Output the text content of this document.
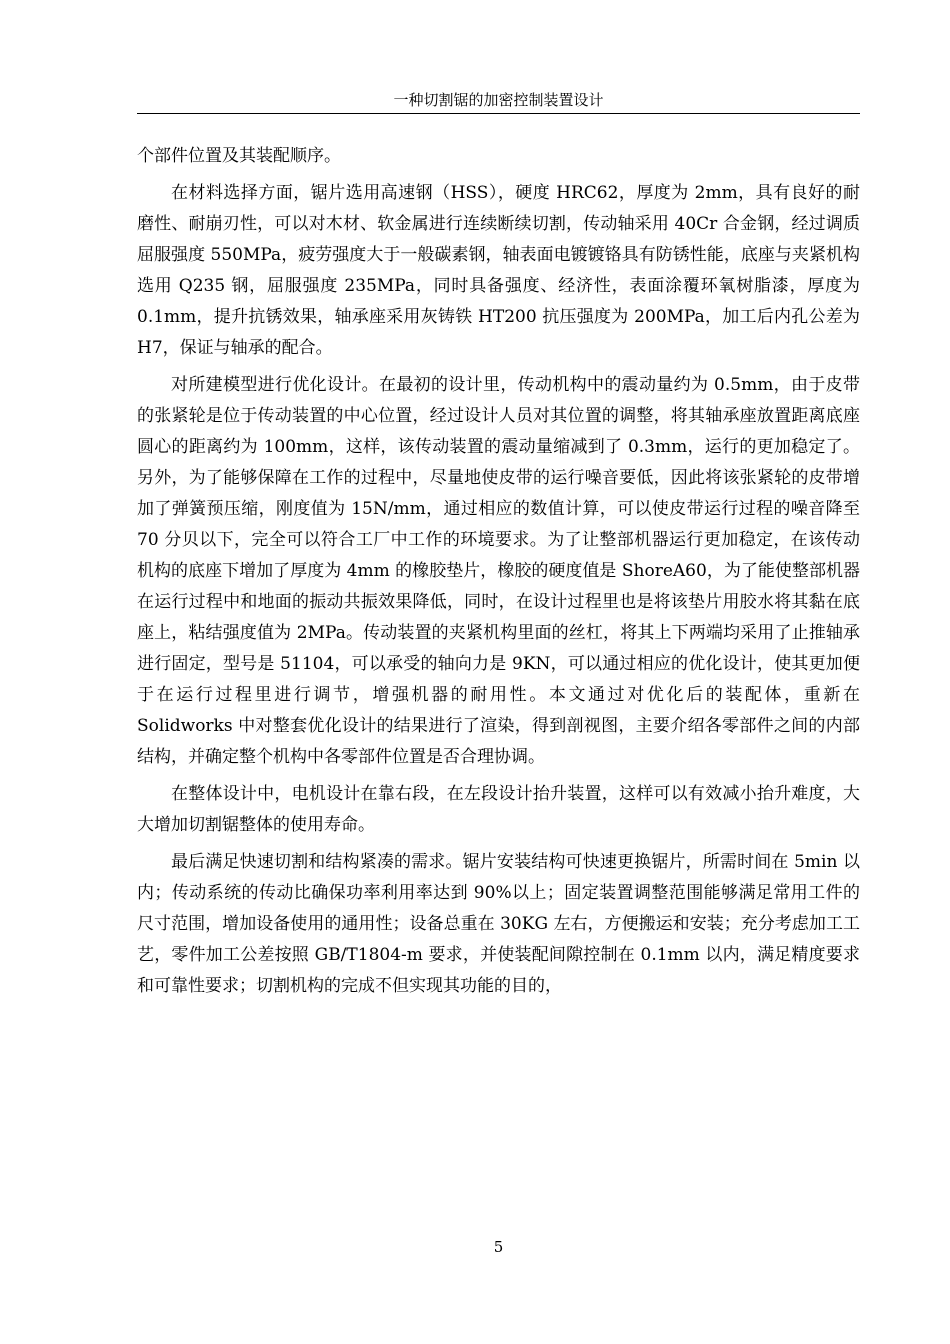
一种切割锯的加密控制装置设计

个部件位置及其装配顺序。

在材料选择方面，锯片选用高速钢（HSS），硬度 HRC62，厚度为 2mm，具有良好的耐磨性、耐崩刃性，可以对木材、软金属进行连续断续切割，传动轴采用 40Cr 合金钢，经过调质屈服强度 550MPa，疲劳强度大于一般碳素钢，轴表面电镀镀铬具有防锈性能，底座与夹紧机构选用 Q235 钢，屈服强度 235MPa，同时具备强度、经济性，表面涂覆环氧树脂漆，厚度为 0.1mm，提升抗锈效果，轴承座采用灰铸铁 HT200 抗压强度为 200MPa，加工后内孔公差为 H7，保证与轴承的配合。

对所建模型进行优化设计。在最初的设计里，传动机构中的震动量约为 0.5mm，由于皮带的张紧轮是位于传动装置的中心位置，经过设计人员对其位置的调整，将其轴承座放置距离底座圆心的距离约为 100mm，这样，该传动装置的震动量缩减到了 0.3mm，运行的更加稳定了。另外，为了能够保障在工作的过程中，尽量地使皮带的运行噪音要低，因此将该张紧轮的皮带增加了弹簧预压缩，刚度值为 15N/mm，通过相应的数值计算，可以使皮带运行过程的噪音降至 70 分贝以下，完全可以符合工厂中工作的环境要求。为了让整部机器运行更加稳定，在该传动机构的底座下增加了厚度为 4mm 的橡胶垫片，橡胶的硬度值是 ShoreA60，为了能使整部机器在运行过程中和地面的振动共振效果降低，同时，在设计过程里也是将该垫片用胶水将其黏在底座上，粘结强度值为 2MPa。传动装置的夹紧机构里面的丝杠，将其上下两端均采用了止推轴承进行固定，型号是 51104，可以承受的轴向力是 9KN，可以通过相应的优化设计，使其更加便于在运行过程里进行调节，增强机器的耐用性。本文通过对优化后的装配体，重新在 Solidworks 中对整套优化设计的结果进行了渲染，得到剖视图，主要介绍各零部件之间的内部结构，并确定整个机构中各零部件位置是否合理协调。

在整体设计中，电机设计在靠右段，在左段设计抬升装置，这样可以有效减小抬升难度，大大增加切割锯整体的使用寿命。

最后满足快速切割和结构紧凑的需求。锯片安装结构可快速更换锯片，所需时间在 5min 以内；传动系统的传动比确保功率利用率达到 90%以上；固定装置调整范围能够满足常用工件的尺寸范围，增加设备使用的通用性；设备总重在 30KG 左右，方便搬运和安装；充分考虑加工工艺，零件加工公差按照 GB/T1804-m 要求，并使装配间隙控制在 0.1mm 以内，满足精度要求和可靠性要求；切割机构的完成不但实现其功能的目的，

5
